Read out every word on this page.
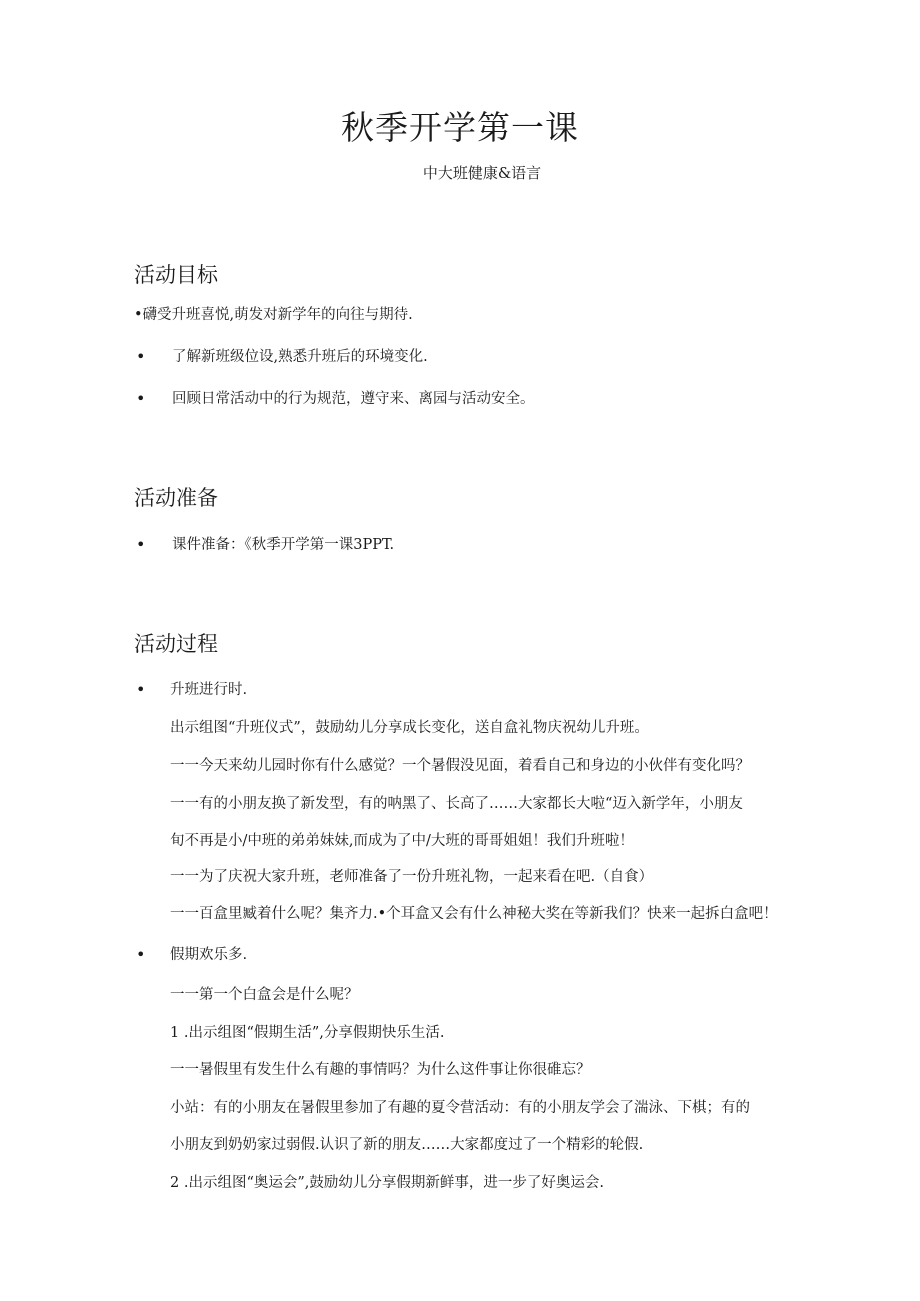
秋季开学第一课
中大班健康&语言
活动目标
•礴受升班喜悦,萌发对新学年的向往与期待.
• 了解新班级位设,熟悉升班后的环境变化.
• 回顾日常活动中的行为规范，遵守来、离园与活动安全。
活动准备
• 课件准备：《秋季开学第一课3PPT.
活动过程
• 升班进行时.
出示组图“升班仪式”，鼓励幼儿分享成长变化，送自盒礼物庆祝幼儿升班。
一一今天来幼儿园时你有什么感觉？一个暑假没见面，着看自己和身边的小伙伴有变化吗？
一一有的小朋友换了新发型，有的呐黑了、长高了……大家都长大啦“迈入新学年，小朋友
旬不再是小/中班的弟弟妹妹,而成为了中/大班的哥哥姐姐！我们升班啦！
一一为了庆祝大家升班，老师准备了一份升班礼物，一起来看在吧.（自食）
一一百盒里臧着什么呢？集齐力.•个耳盒又会有什么神秘大奖在等新我们？快来一起拆白盒吧！
• 假期欢乐多.
一一第一个白盒会是什么呢？
1 .出示组图“假期生活”,分享假期快乐生活.
一一暑假里有发生什么有趣的事情吗？为什么这件事让你很碓忘？
小站：有的小朋友在暑假里参加了有趣的夏令营活动：有的小朋友学会了湍泳、下棋；有的
小朋友到奶奶家过弱假.认识了新的朋友……大家都度过了一个精彩的轮假.
2 .出示组图“奥运会”,鼓励幼儿分享假期新鲜事，进一步了好奥运会.
